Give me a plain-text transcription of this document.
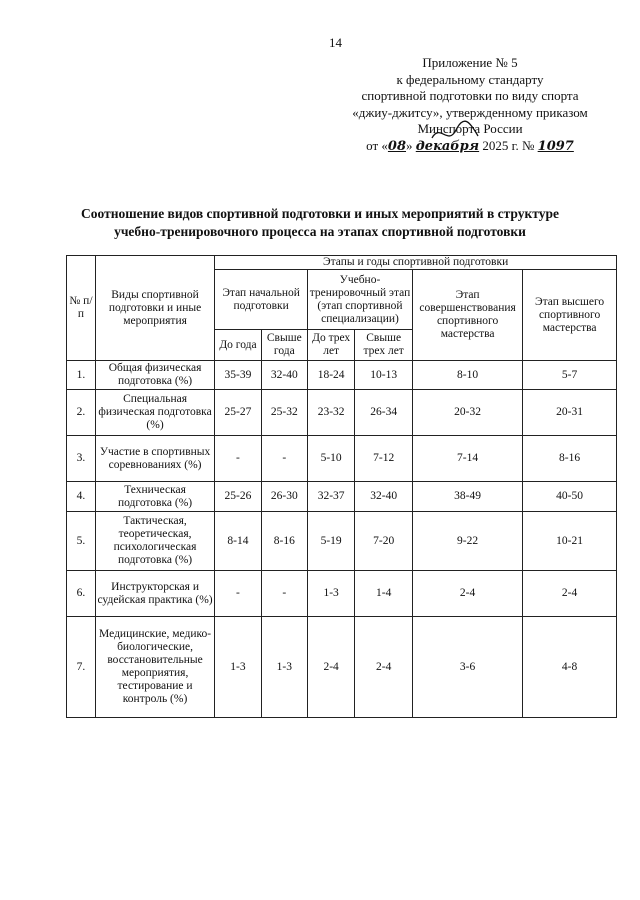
14
Приложение № 5
к федеральному стандарту
спортивной подготовки по виду спорта
«джиу-джитсу», утвержденному приказом
Минспорта России
от «08» декабря 2025 г. № 1097
Соотношение видов спортивной подготовки и иных мероприятий в структуре
учебно-тренировочного процесса на этапах спортивной подготовки
№ п/п	Виды спортивной подготовки и иные мероприятия	Этапы и годы спортивной подготовки					
		Этап начальной подготовки		Учебно-тренировочный этап (этап спортивной специализации)		Этап совершенствования спортивного мастерства	Этап высшего спортивного мастерства
		До года	Свыше года	До трех лет	Свыше трех лет		
1.	Общая физическая подготовка (%)	35-39	32-40	18-24	10-13	8-10	5-7
2.	Специальная физическая подготовка (%)	25-27	25-32	23-32	26-34	20-32	20-31
3.	Участие в спортивных соревнованиях (%)	-	-	5-10	7-12	7-14	8-16
4.	Техническая подготовка (%)	25-26	26-30	32-37	32-40	38-49	40-50
5.	Тактическая, теоретическая, психологическая подготовка (%)	8-14	8-16	5-19	7-20	9-22	10-21
6.	Инструкторская и судейская практика (%)	-	-	1-3	1-4	2-4	2-4
7.	Медицинские, медико-биологические, восстановительные мероприятия, тестирование и контроль (%)	1-3	1-3	2-4	2-4	3-6	4-8
